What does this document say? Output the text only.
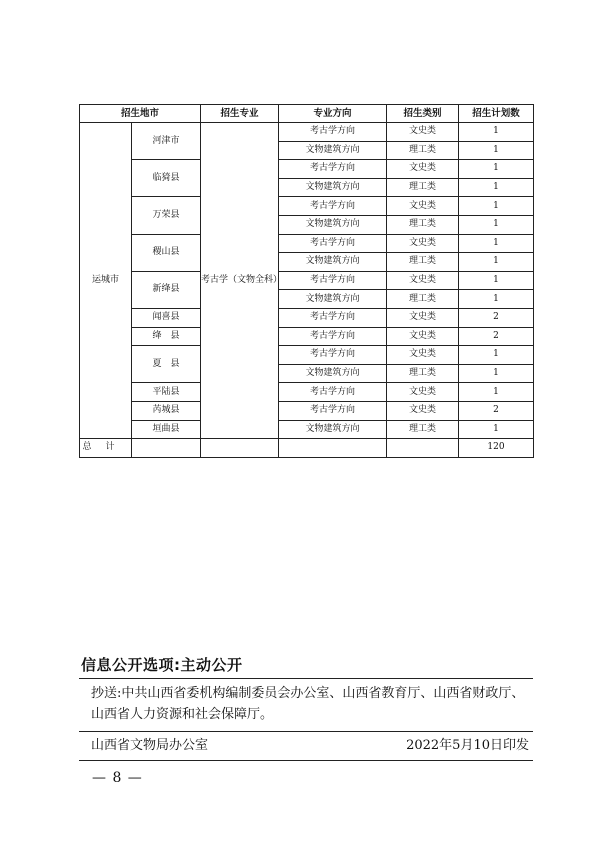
招生地市		招生专业	专业方向	招生类别	招生计划数
运城市	河津市	考古学（文物全科）	考古学方向	文史类	1
			文物建筑方向	理工类	1
	临猗县		考古学方向	文史类	1
			文物建筑方向	理工类	1
	万荣县		考古学方向	文史类	1
			文物建筑方向	理工类	1
	稷山县		考古学方向	文史类	1
			文物建筑方向	理工类	1
	新绛县		考古学方向	文史类	1
			文物建筑方向	理工类	1
	闻喜县		考古学方向	文史类	2
	绛　县		考古学方向	文史类	2
	夏　县		考古学方向	文史类	1
			文物建筑方向	理工类	1
	平陆县		考古学方向	文史类	1
	芮城县		考古学方向	文史类	2
	垣曲县		文物建筑方向	理工类	1
总计					120
信息公开选项:主动公开
抄送:中共山西省委机构编制委员会办公室、山西省教育厅、山西省财政厅、山西省人力资源和社会保障厅。
山西省文物局办公室	2022年5月10日印发
— 8 —
